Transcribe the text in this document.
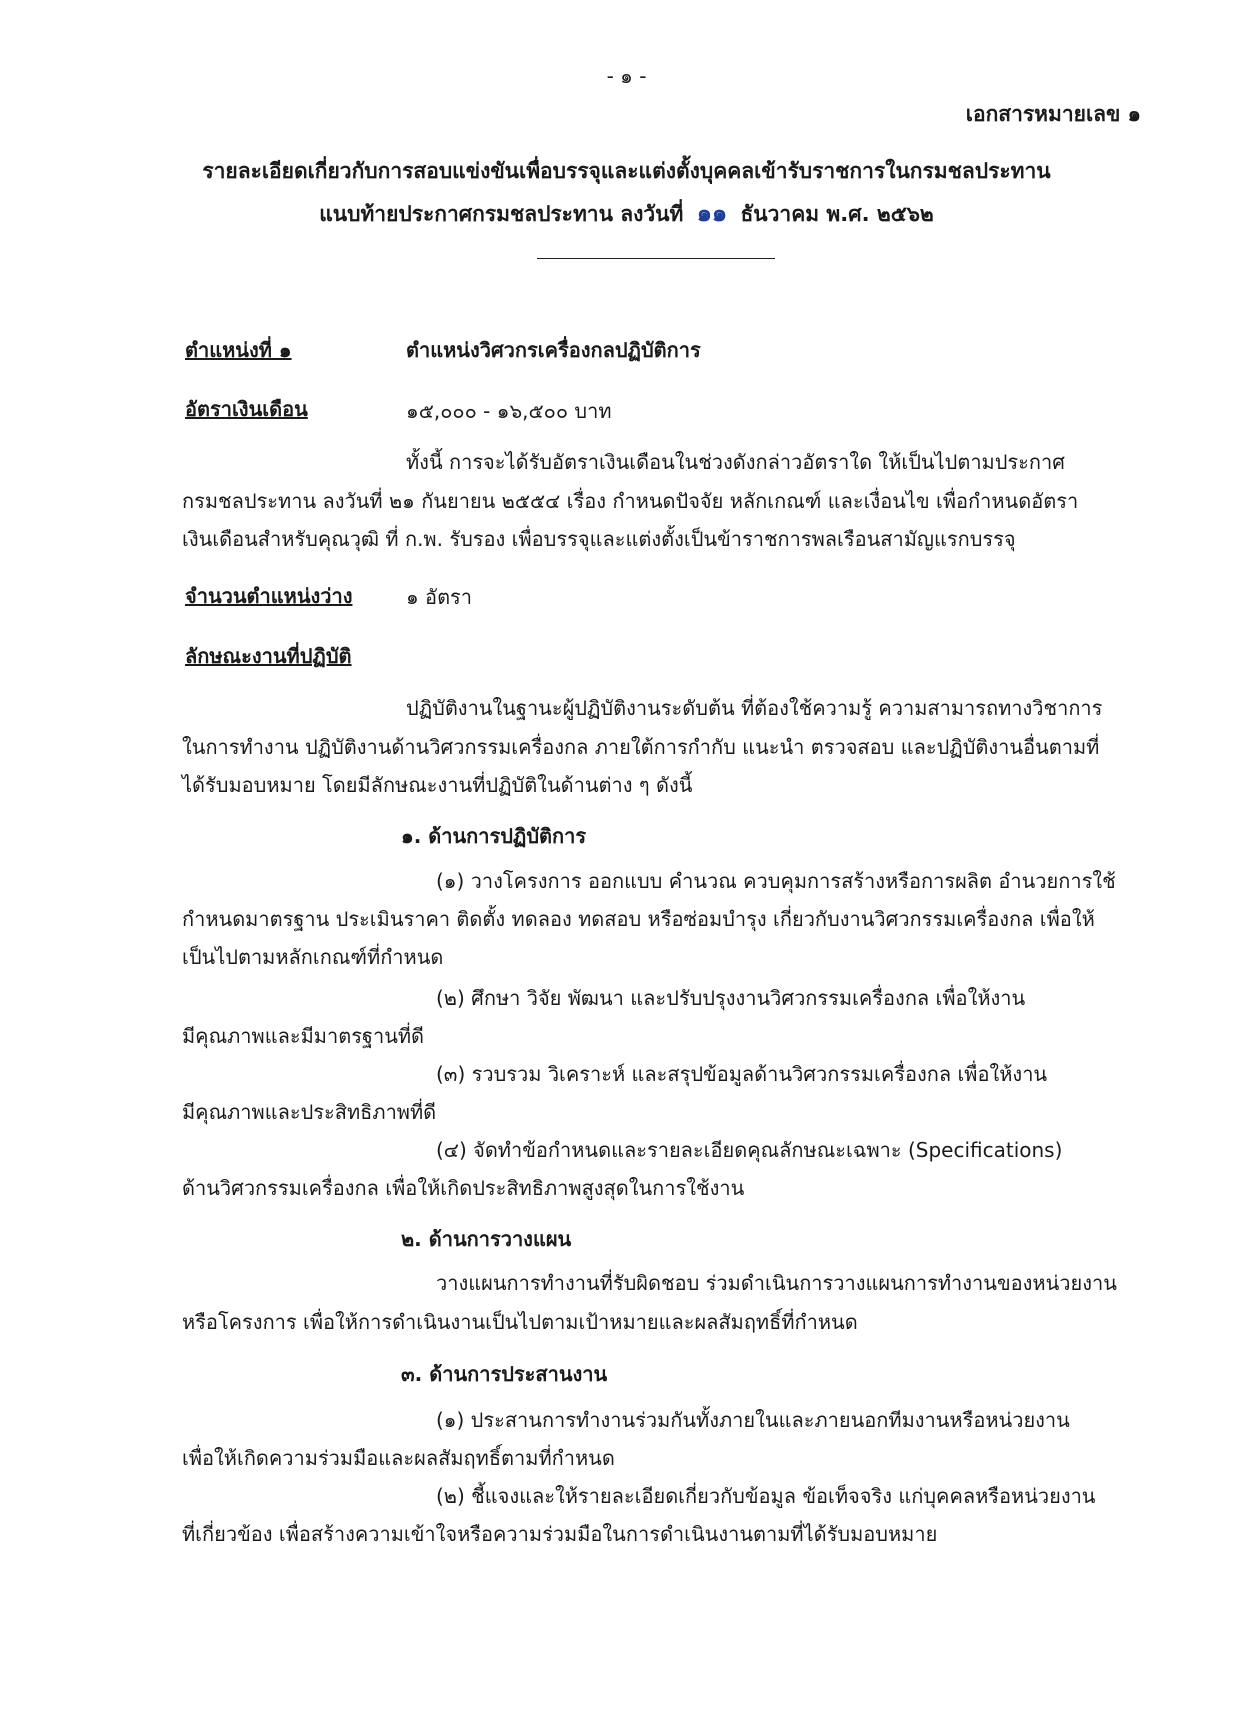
- ๑ -
เอกสารหมายเลข ๑
รายละเอียดเกี่ยวกับการสอบแข่งขันเพื่อบรรจุและแต่งตั้งบุคคลเข้ารับราชการในกรมชลประทาน
แนบท้ายประกาศกรมชลประทาน ลงวันที่ ๑๑ ธันวาคม พ.ศ. ๒๕๖๒
ตำแหน่งที่ ๑	ตำแหน่งวิศวกรเครื่องกลปฏิบัติการ
อัตราเงินเดือน	๑๕,๐๐๐ - ๑๖,๕๐๐ บาท
ทั้งนี้ การจะได้รับอัตราเงินเดือนในช่วงดังกล่าวอัตราใด ให้เป็นไปตามประกาศ
กรมชลประทาน ลงวันที่ ๒๑ กันยายน ๒๕๕๔ เรื่อง กำหนดปัจจัย หลักเกณฑ์ และเงื่อนไข เพื่อกำหนดอัตรา
เงินเดือนสำหรับคุณวุฒิ ที่ ก.พ. รับรอง เพื่อบรรจุและแต่งตั้งเป็นข้าราชการพลเรือนสามัญแรกบรรจุ
จำนวนตำแหน่งว่าง	๑ อัตรา
ลักษณะงานที่ปฏิบัติ
ปฏิบัติงานในฐานะผู้ปฏิบัติงานระดับต้น ที่ต้องใช้ความรู้ ความสามารถทางวิชาการ
ในการทำงาน ปฏิบัติงานด้านวิศวกรรมเครื่องกล ภายใต้การกำกับ แนะนำ ตรวจสอบ และปฏิบัติงานอื่นตามที่
ได้รับมอบหมาย โดยมีลักษณะงานที่ปฏิบัติในด้านต่าง ๆ ดังนี้
๑. ด้านการปฏิบัติการ
(๑) วางโครงการ ออกแบบ คำนวณ ควบคุมการสร้างหรือการผลิต อำนวยการใช้
กำหนดมาตรฐาน ประเมินราคา ติดตั้ง ทดลอง ทดสอบ หรือซ่อมบำรุง เกี่ยวกับงานวิศวกรรมเครื่องกล เพื่อให้
เป็นไปตามหลักเกณฑ์ที่กำหนด
(๒) ศึกษา วิจัย พัฒนา และปรับปรุงงานวิศวกรรมเครื่องกล เพื่อให้งาน
มีคุณภาพและมีมาตรฐานที่ดี
(๓) รวบรวม วิเคราะห์ และสรุปข้อมูลด้านวิศวกรรมเครื่องกล เพื่อให้งาน
มีคุณภาพและประสิทธิภาพที่ดี
(๔) จัดทำข้อกำหนดและรายละเอียดคุณลักษณะเฉพาะ (Specifications)
ด้านวิศวกรรมเครื่องกล เพื่อให้เกิดประสิทธิภาพสูงสุดในการใช้งาน
๒. ด้านการวางแผน
วางแผนการทำงานที่รับผิดชอบ ร่วมดำเนินการวางแผนการทำงานของหน่วยงาน
หรือโครงการ เพื่อให้การดำเนินงานเป็นไปตามเป้าหมายและผลสัมฤทธิ์ที่กำหนด
๓. ด้านการประสานงาน
(๑) ประสานการทำงานร่วมกันทั้งภายในและภายนอกทีมงานหรือหน่วยงาน
เพื่อให้เกิดความร่วมมือและผลสัมฤทธิ์ตามที่กำหนด
(๒) ชี้แจงและให้รายละเอียดเกี่ยวกับข้อมูล ข้อเท็จจริง แก่บุคคลหรือหน่วยงาน
ที่เกี่ยวข้อง เพื่อสร้างความเข้าใจหรือความร่วมมือในการดำเนินงานตามที่ได้รับมอบหมาย
